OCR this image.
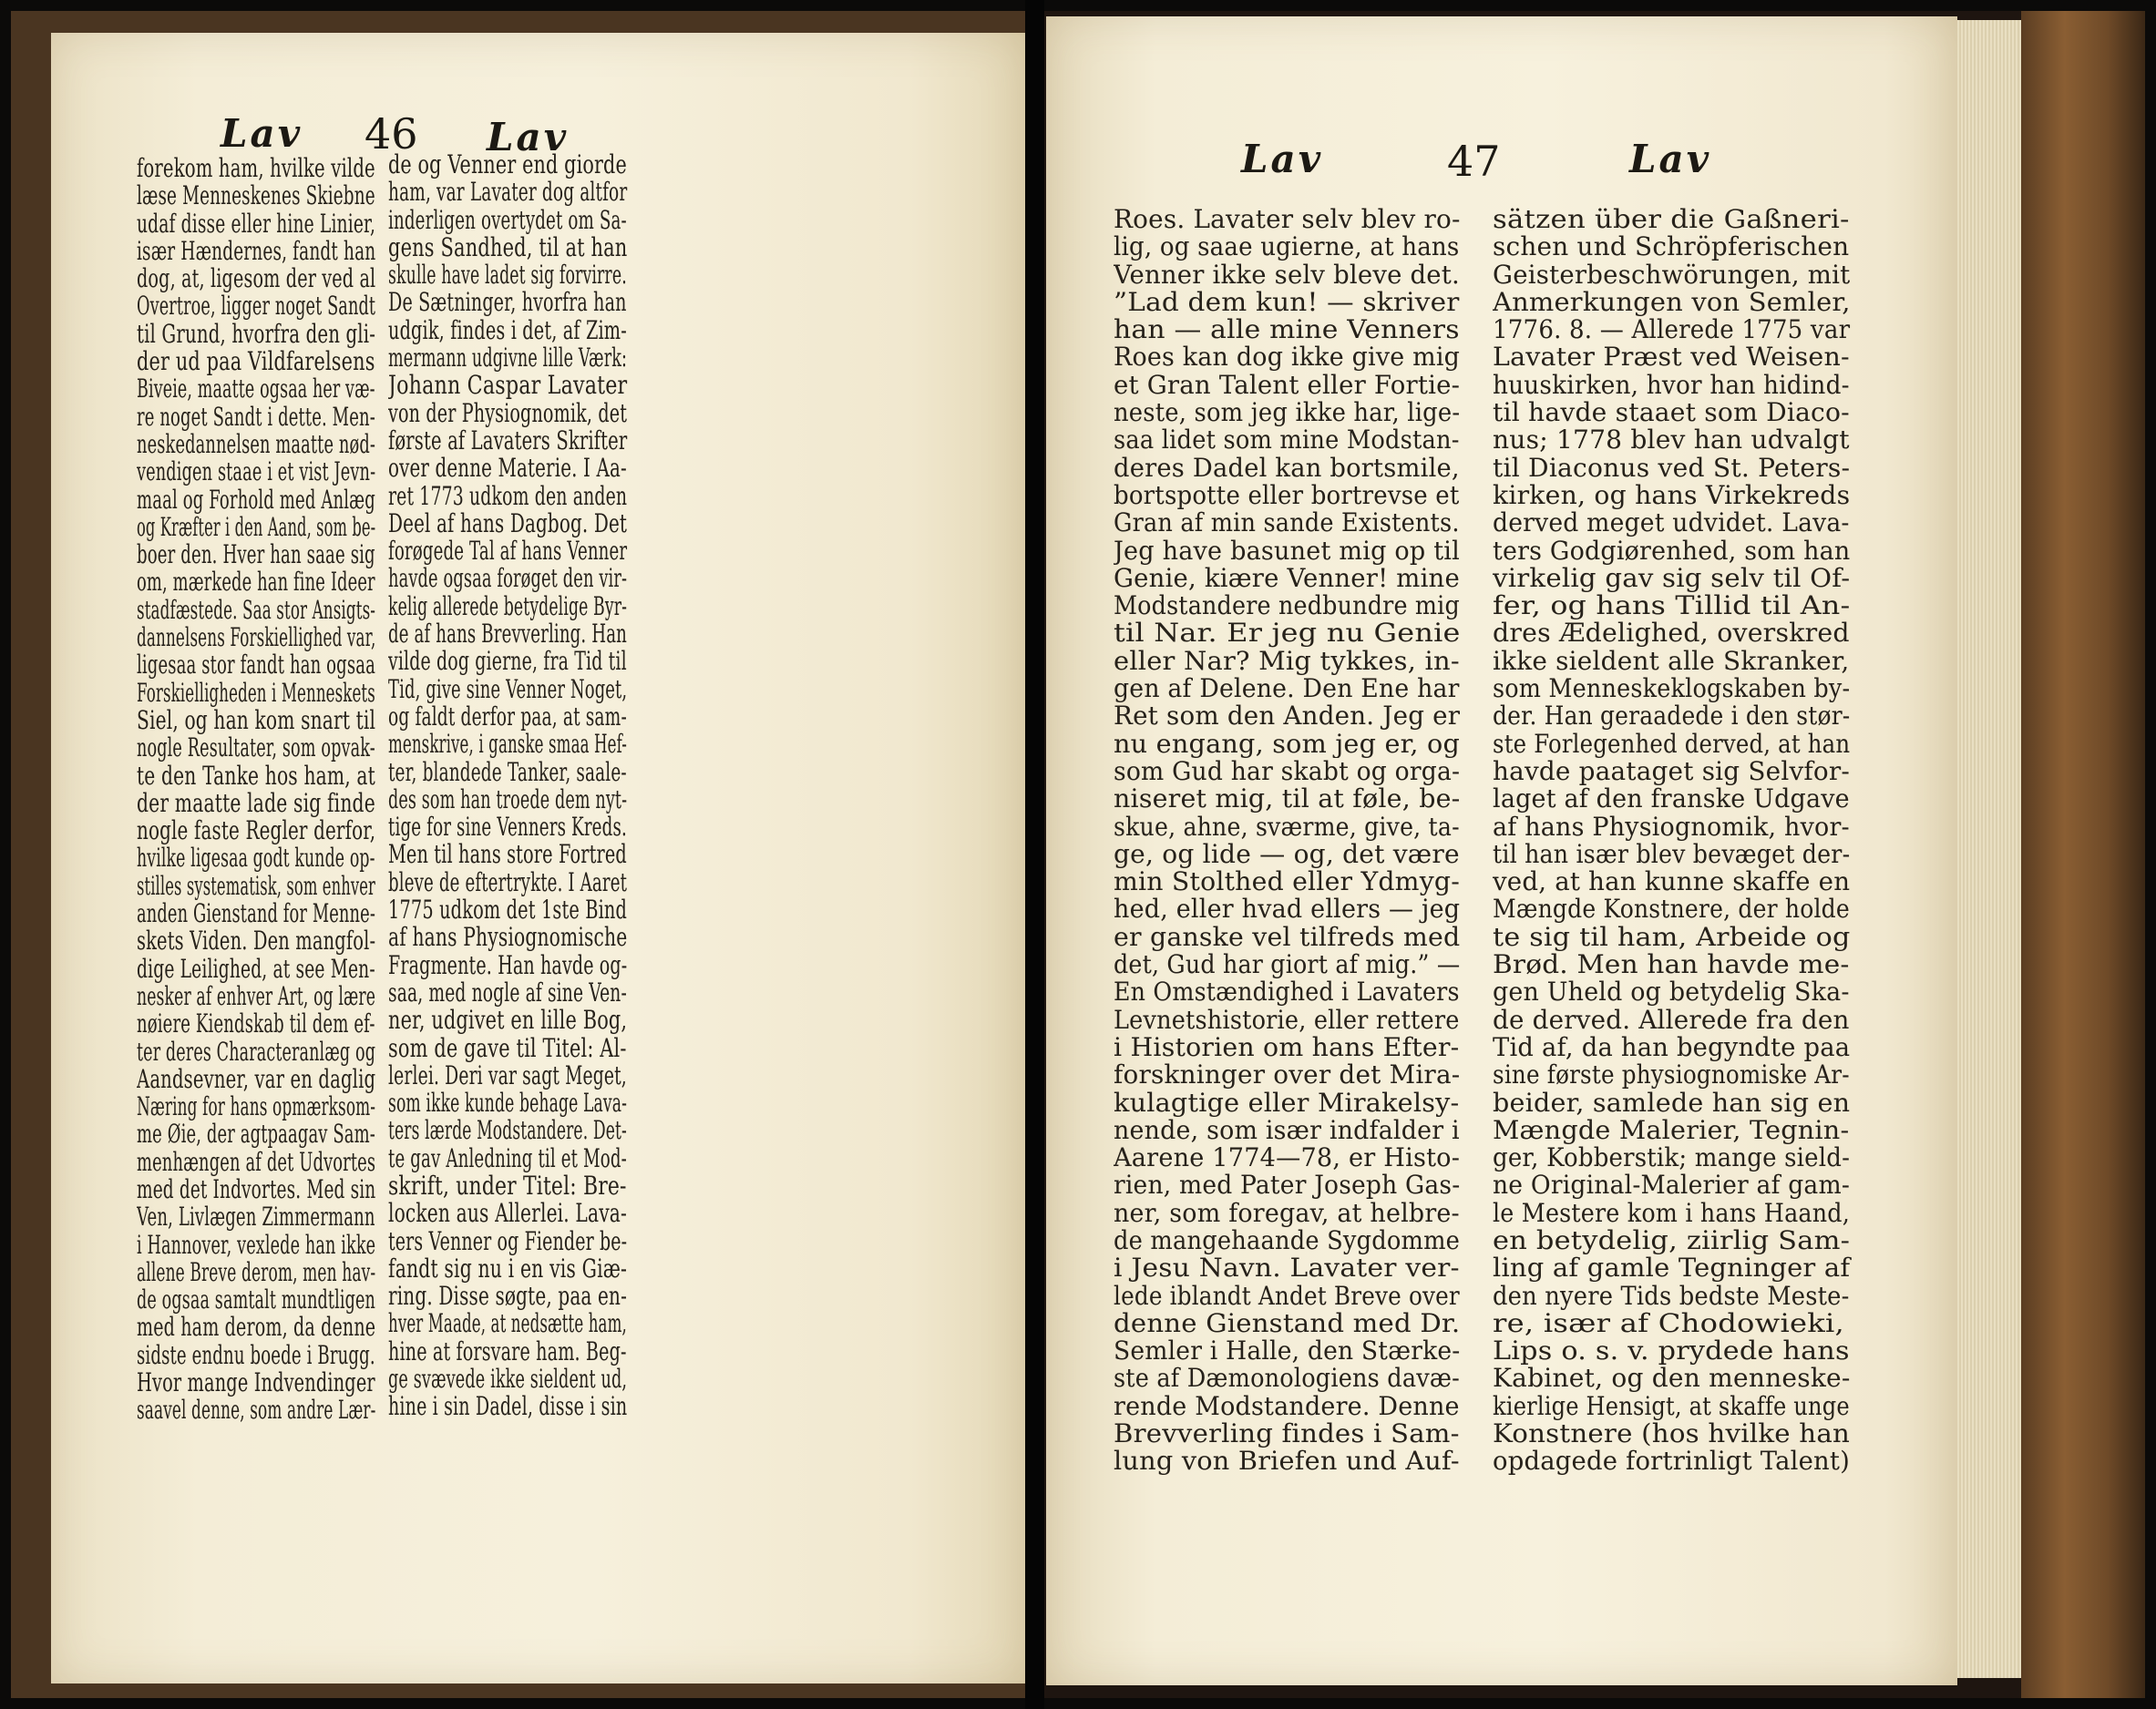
Lav 46 Lav
forekom ham, hvilke vilde
læse Menneskenes Skiebne
udaf disse eller hine Linier,
især Hændernes, fandt han
dog, at, ligesom der ved al
Overtroe, ligger noget Sandt
til Grund, hvorfra den gli-
der ud paa Vildfarelsens
Biveie, maatte ogsaa her væ-
re noget Sandt i dette. Men-
neskedannelsen maatte nød-
vendigen staae i et vist Jevn-
maal og Forhold med Anlæg
og Kræfter i den Aand, som be-
boer den. Hver han saae sig
om, mærkede han fine Ideer
stadfæstede. Saa stor Ansigts-
dannelsens Forskiellighed var,
ligesaa stor fandt han ogsaa
Forskielligheden i Menneskets
Siel, og han kom snart til
nogle Resultater, som opvak-
te den Tanke hos ham, at
der maatte lade sig finde
nogle faste Regler derfor,
hvilke ligesaa godt kunde op-
stilles systematisk, som enhver
anden Gienstand for Menne-
skets Viden. Den mangfol-
dige Leilighed, at see Men-
nesker af enhver Art, og lære
nøiere Kiendskab til dem ef-
ter deres Characteranlæg og
Aandsevner, var en daglig
Næring for hans opmærksom-
me Øie, der agtpaagav Sam-
menhængen af det Udvortes
med det Indvortes. Med sin
Ven, Livlægen Zimmermann
i Hannover, vexlede han ikke
allene Breve derom, men hav-
de ogsaa samtalt mundtligen
med ham derom, da denne
sidste endnu boede i Brugg.
Hvor mange Indvendinger
saavel denne, som andre Lær-
de og Venner end giorde
ham, var Lavater dog altfor
inderligen overtydet om Sa-
gens Sandhed, til at han
skulle have ladet sig forvirre.
De Sætninger, hvorfra han
udgik, findes i det, af Zim-
mermann udgivne lille Værk:
Johann Caspar Lavater
von der Physiognomik, det
første af Lavaters Skrifter
over denne Materie. I Aa-
ret 1773 udkom den anden
Deel af hans Dagbog. Det
forøgede Tal af hans Venner
havde ogsaa forøget den vir-
kelig allerede betydelige Byr-
de af hans Brevverling. Han
vilde dog gierne, fra Tid til
Tid, give sine Venner Noget,
og faldt derfor paa, at sam-
menskrive, i ganske smaa Hef-
ter, blandede Tanker, saale-
des som han troede dem nyt-
tige for sine Venners Kreds.
Men til hans store Fortred
bleve de eftertrykte. I Aaret
1775 udkom det 1ste Bind
af hans Physiognomische
Fragmente. Han havde og-
saa, med nogle af sine Ven-
ner, udgivet en lille Bog,
som de gave til Titel: Al-
lerlei. Deri var sagt Meget,
som ikke kunde behage Lava-
ters lærde Modstandere. Det-
te gav Anledning til et Mod-
skrift, under Titel: Bre-
locken aus Allerlei. Lava-
ters Venner og Fiender be-
fandt sig nu i en vis Giæ-
ring. Disse søgte, paa en-
hver Maade, at nedsætte ham,
hine at forsvare ham. Beg-
ge svævede ikke sieldent ud,
hine i sin Dadel, disse i sin
Lav	47	Lav
Roes. Lavater selv blev ro-
lig, og saae ugierne, at hans
Venner ikke selv bleve det.
”Lad dem kun! — skriver
han — alle mine Venners
Roes kan dog ikke give mig
et Gran Talent eller Fortie-
neste, som jeg ikke har, lige-
saa lidet som mine Modstan-
deres Dadel kan bortsmile,
bortspotte eller bortrevse et
Gran af min sande Existents.
Jeg have basunet mig op til
Genie, kiære Venner! mine
Modstandere nedbundre mig
til Nar. Er jeg nu Genie
eller Nar? Mig tykkes, in-
gen af Delene. Den Ene har
Ret som den Anden. Jeg er
nu engang, som jeg er, og
som Gud har skabt og orga-
niseret mig, til at føle, be-
skue, ahne, sværme, give, ta-
ge, og lide — og, det være
min Stolthed eller Ydmyg-
hed, eller hvad ellers — jeg
er ganske vel tilfreds med
det, Gud har giort af mig.” —
En Omstændighed i Lavaters
Levnetshistorie, eller rettere
i Historien om hans Efter-
forskninger over det Mira-
kulagtige eller Mirakelsy-
nende, som især indfalder i
Aarene 1774—78, er Histo-
rien, med Pater Joseph Gas-
ner, som foregav, at helbre-
de mangehaande Sygdomme
i Jesu Navn. Lavater ver-
lede iblandt Andet Breve over
denne Gienstand med Dr.
Semler i Halle, den Stærke-
ste af Dæmonologiens davæ-
rende Modstandere. Denne
Brevverling findes i Sam-
lung von Briefen und Auf-
sätzen über die Gaßneri-
schen und Schröpferischen
Geisterbeschwörungen, mit
Anmerkungen von Semler,
1776. 8. — Allerede 1775 var
Lavater Præst ved Weisen-
huuskirken, hvor han hidind-
til havde staaet som Diaco-
nus; 1778 blev han udvalgt
til Diaconus ved St. Peters-
kirken, og hans Virkekreds
derved meget udvidet. Lava-
ters Godgiørenhed, som han
virkelig gav sig selv til Of-
fer, og hans Tillid til An-
dres Ædelighed, overskred
ikke sieldent alle Skranker,
som Menneskeklogskaben by-
der. Han geraadede i den stør-
ste Forlegenhed derved, at han
havde paataget sig Selvfor-
laget af den franske Udgave
af hans Physiognomik, hvor-
til han især blev bevæget der-
ved, at han kunne skaffe en
Mængde Konstnere, der holde
te sig til ham, Arbeide og
Brød. Men han havde me-
gen Uheld og betydelig Ska-
de derved. Allerede fra den
Tid af, da han begyndte paa
sine første physiognomiske Ar-
beider, samlede han sig en
Mængde Malerier, Tegnin-
ger, Kobberstik; mange sield-
ne Original-Malerier af gam-
le Mestere kom i hans Haand,
en betydelig, ziirlig Sam-
ling af gamle Tegninger af
den nyere Tids bedste Meste-
re, især af Chodowieki,
Lips o. s. v. prydede hans
Kabinet, og den menneske-
kierlige Hensigt, at skaffe unge
Konstnere (hos hvilke han
opdagede fortrinligt Talent)
